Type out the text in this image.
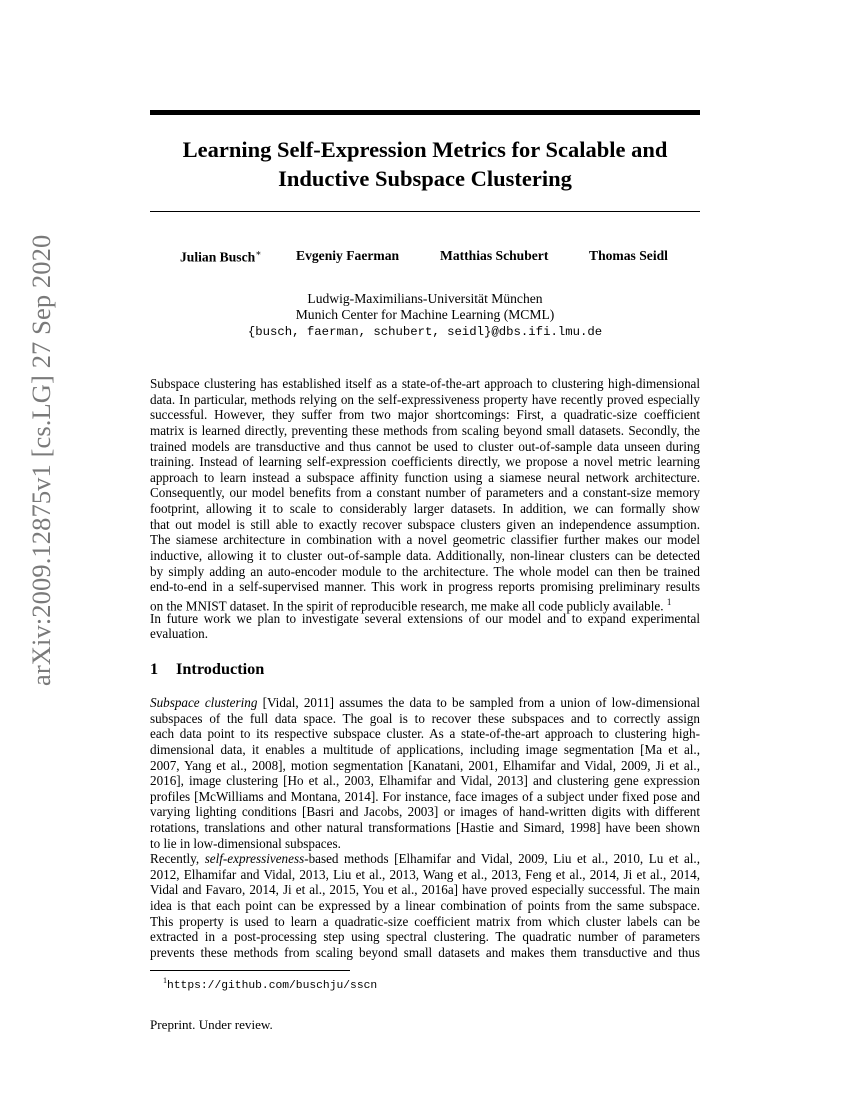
arXiv:2009.12875v1 [cs.LG] 27 Sep 2020
Learning Self-Expression Metrics for Scalable and
Inductive Subspace Clustering
Julian Busch∗	Evgeniy Faerman	Matthias Schubert	Thomas Seidl
Ludwig-Maximilians-Universität München
Munich Center for Machine Learning (MCML)
{busch, faerman, schubert, seidl}@dbs.ifi.lmu.de
Subspace clustering has established itself as a state-of-the-art approach to clustering high-dimensional
data. In particular, methods relying on the self-expressiveness property have recently proved especially
successful. However, they suffer from two major shortcomings: First, a quadratic-size coefficient
matrix is learned directly, preventing these methods from scaling beyond small datasets. Secondly, the
trained models are transductive and thus cannot be used to cluster out-of-sample data unseen during
training. Instead of learning self-expression coefficients directly, we propose a novel metric learning
approach to learn instead a subspace affinity function using a siamese neural network architecture.
Consequently, our model benefits from a constant number of parameters and a constant-size memory
footprint, allowing it to scale to considerably larger datasets. In addition, we can formally show
that out model is still able to exactly recover subspace clusters given an independence assumption.
The siamese architecture in combination with a novel geometric classifier further makes our model
inductive, allowing it to cluster out-of-sample data. Additionally, non-linear clusters can be detected
by simply adding an auto-encoder module to the architecture. The whole model can then be trained
end-to-end in a self-supervised manner. This work in progress reports promising preliminary results
on the MNIST dataset. In the spirit of reproducible research, me make all code publicly available. $^1$
In future work we plan to investigate several extensions of our model and to expand experimental
evaluation.
1 Introduction
Subspace clustering [Vidal, 2011] assumes the data to be sampled from a union of low-dimensional
subspaces of the full data space. The goal is to recover these subspaces and to correctly assign
each data point to its respective subspace cluster. As a state-of-the-art approach to clustering high-
dimensional data, it enables a multitude of applications, including image segmentation [Ma et al.,
2007, Yang et al., 2008], motion segmentation [Kanatani, 2001, Elhamifar and Vidal, 2009, Ji et al.,
2016], image clustering [Ho et al., 2003, Elhamifar and Vidal, 2013] and clustering gene expression
profiles [McWilliams and Montana, 2014]. For instance, face images of a subject under fixed pose and
varying lighting conditions [Basri and Jacobs, 2003] or images of hand-written digits with different
rotations, translations and other natural transformations [Hastie and Simard, 1998] have been shown
to lie in low-dimensional subspaces.
Recently, self-expressiveness-based methods [Elhamifar and Vidal, 2009, Liu et al., 2010, Lu et al.,
2012, Elhamifar and Vidal, 2013, Liu et al., 2013, Wang et al., 2013, Feng et al., 2014, Ji et al., 2014,
Vidal and Favaro, 2014, Ji et al., 2015, You et al., 2016a] have proved especially successful. The main
idea is that each point can be expressed by a linear combination of points from the same subspace.
This property is used to learn a quadratic-size coefficient matrix from which cluster labels can be
extracted in a post-processing step using spectral clustering. The quadratic number of parameters
prevents these methods from scaling beyond small datasets and makes them transductive and thus
$^1$https://github.com/buschju/sscn
Preprint. Under review.
